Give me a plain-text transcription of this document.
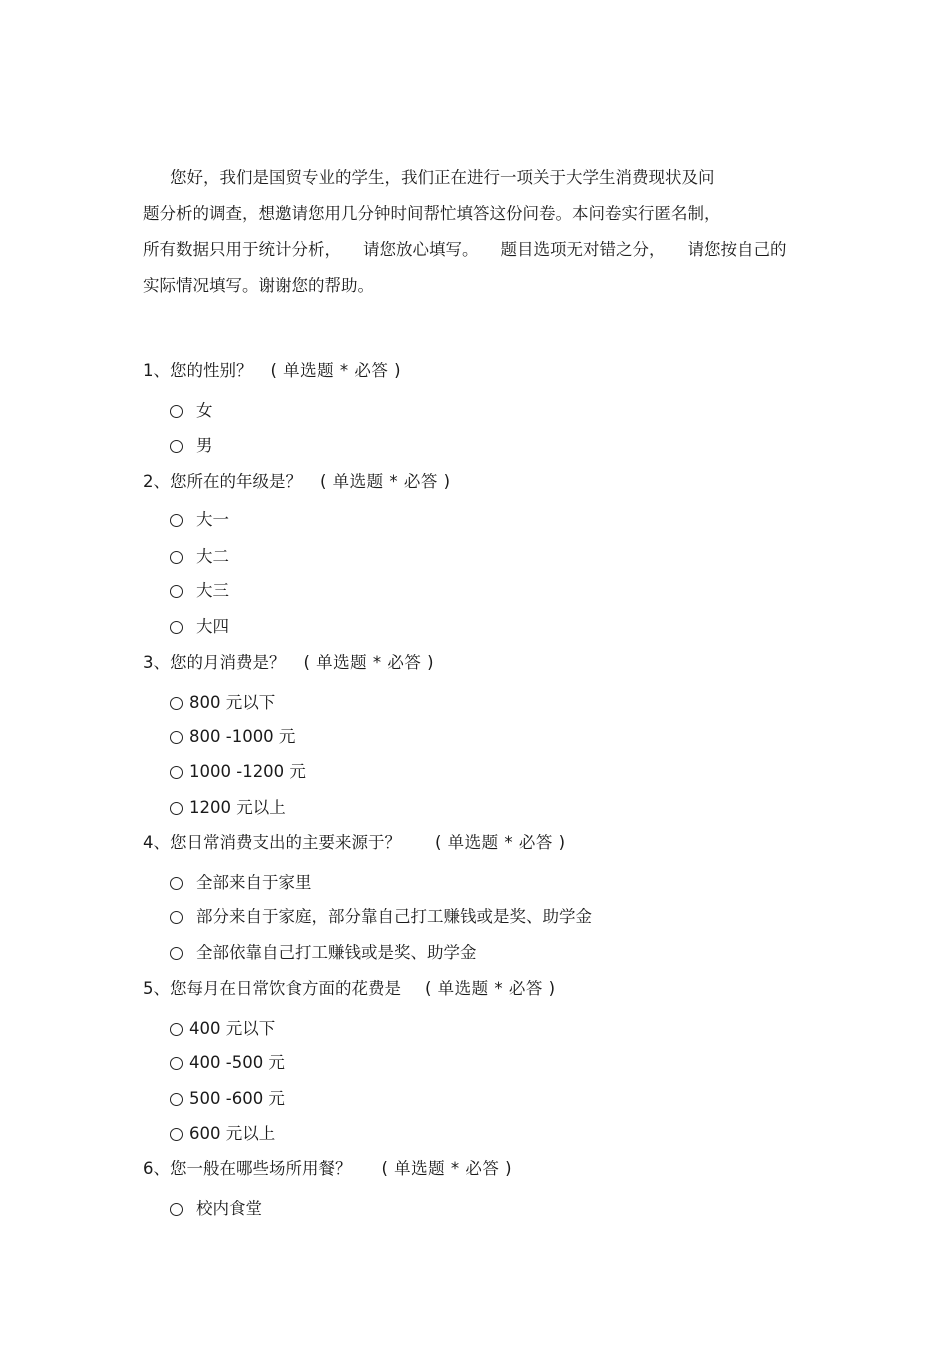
您好，我们是国贸专业的学生，我们正在进行一项关于大学生消费现状及问
题分析的调查，想邀请您用几分钟时间帮忙填答这份问卷。本问卷实行匿名制，
所有数据只用于统计分析， 请您放心填写。 题目选项无对错之分， 请您按自己的
实际情况填写。谢谢您的帮助。
1、您的性别？ ( 单选题 * 必答 )
女
男
2、您所在的年级是？ ( 单选题 * 必答 )
大一
大二
大三
大四
3、您的月消费是？ ( 单选题 * 必答 )
800 元以下
800 -1000 元
1000 -1200 元
1200 元以上
4、您日常消费支出的主要来源于？ ( 单选题 * 必答 )
全部来自于家里
部分来自于家庭，部分靠自己打工赚钱或是奖、助学金
全部依靠自己打工赚钱或是奖、助学金
5、您每月在日常饮食方面的花费是 ( 单选题 * 必答 )
400 元以下
400 -500 元
500 -600 元
600 元以上
6、您一般在哪些场所用餐？ ( 单选题 * 必答 )
校内食堂
